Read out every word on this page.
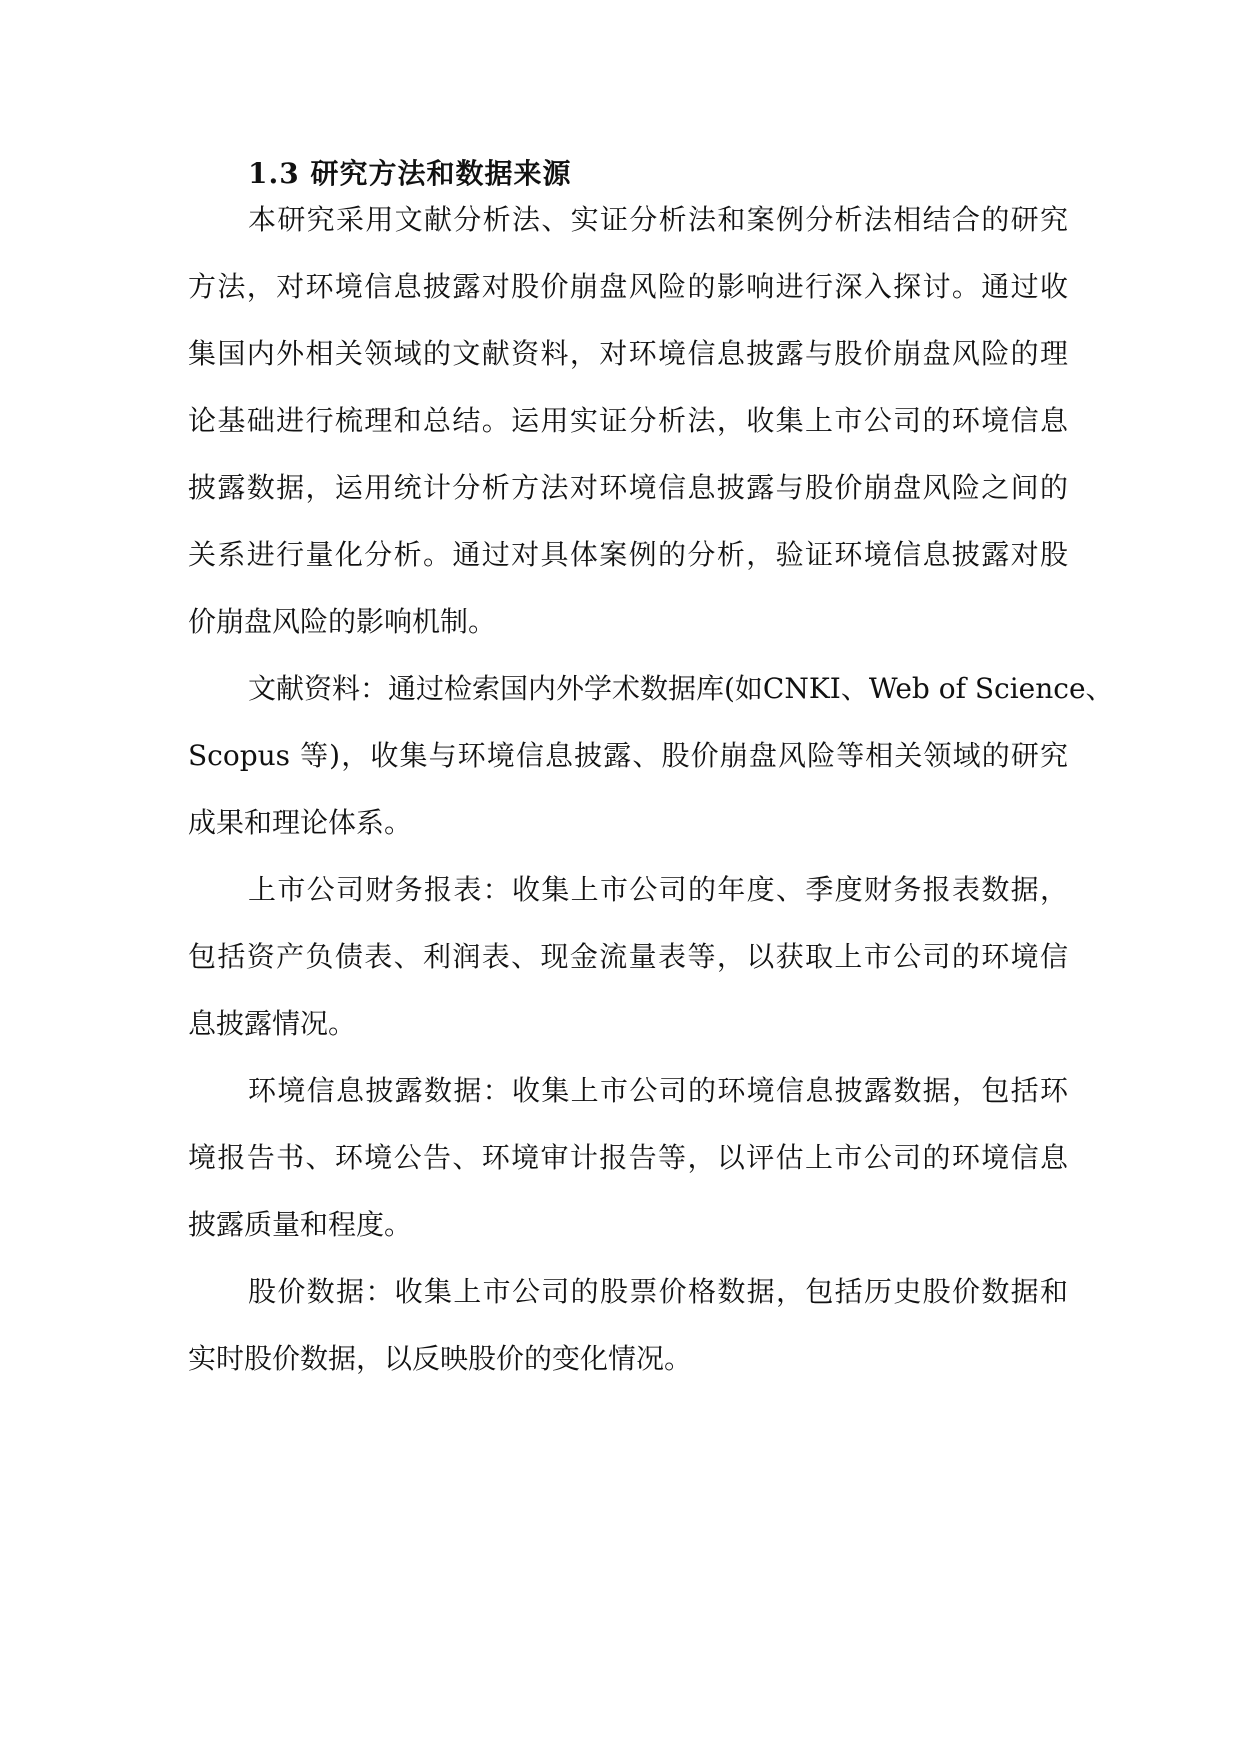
1.3 研究方法和数据来源
本研究采用文献分析法、实证分析法和案例分析法相结合的研究
方法，对环境信息披露对股价崩盘风险的影响进行深入探讨。通过收
集国内外相关领域的文献资料，对环境信息披露与股价崩盘风险的理
论基础进行梳理和总结。运用实证分析法，收集上市公司的环境信息
披露数据，运用统计分析方法对环境信息披露与股价崩盘风险之间的
关系进行量化分析。通过对具体案例的分析，验证环境信息披露对股
价崩盘风险的影响机制。
文献资料：通过检索国内外学术数据库(如CNKI、Web of Science、
Scopus 等)，收集与环境信息披露、股价崩盘风险等相关领域的研究
成果和理论体系。
上市公司财务报表：收集上市公司的年度、季度财务报表数据，
包括资产负债表、利润表、现金流量表等，以获取上市公司的环境信
息披露情况。
环境信息披露数据：收集上市公司的环境信息披露数据，包括环
境报告书、环境公告、环境审计报告等，以评估上市公司的环境信息
披露质量和程度。
股价数据：收集上市公司的股票价格数据，包括历史股价数据和
实时股价数据，以反映股价的变化情况。
